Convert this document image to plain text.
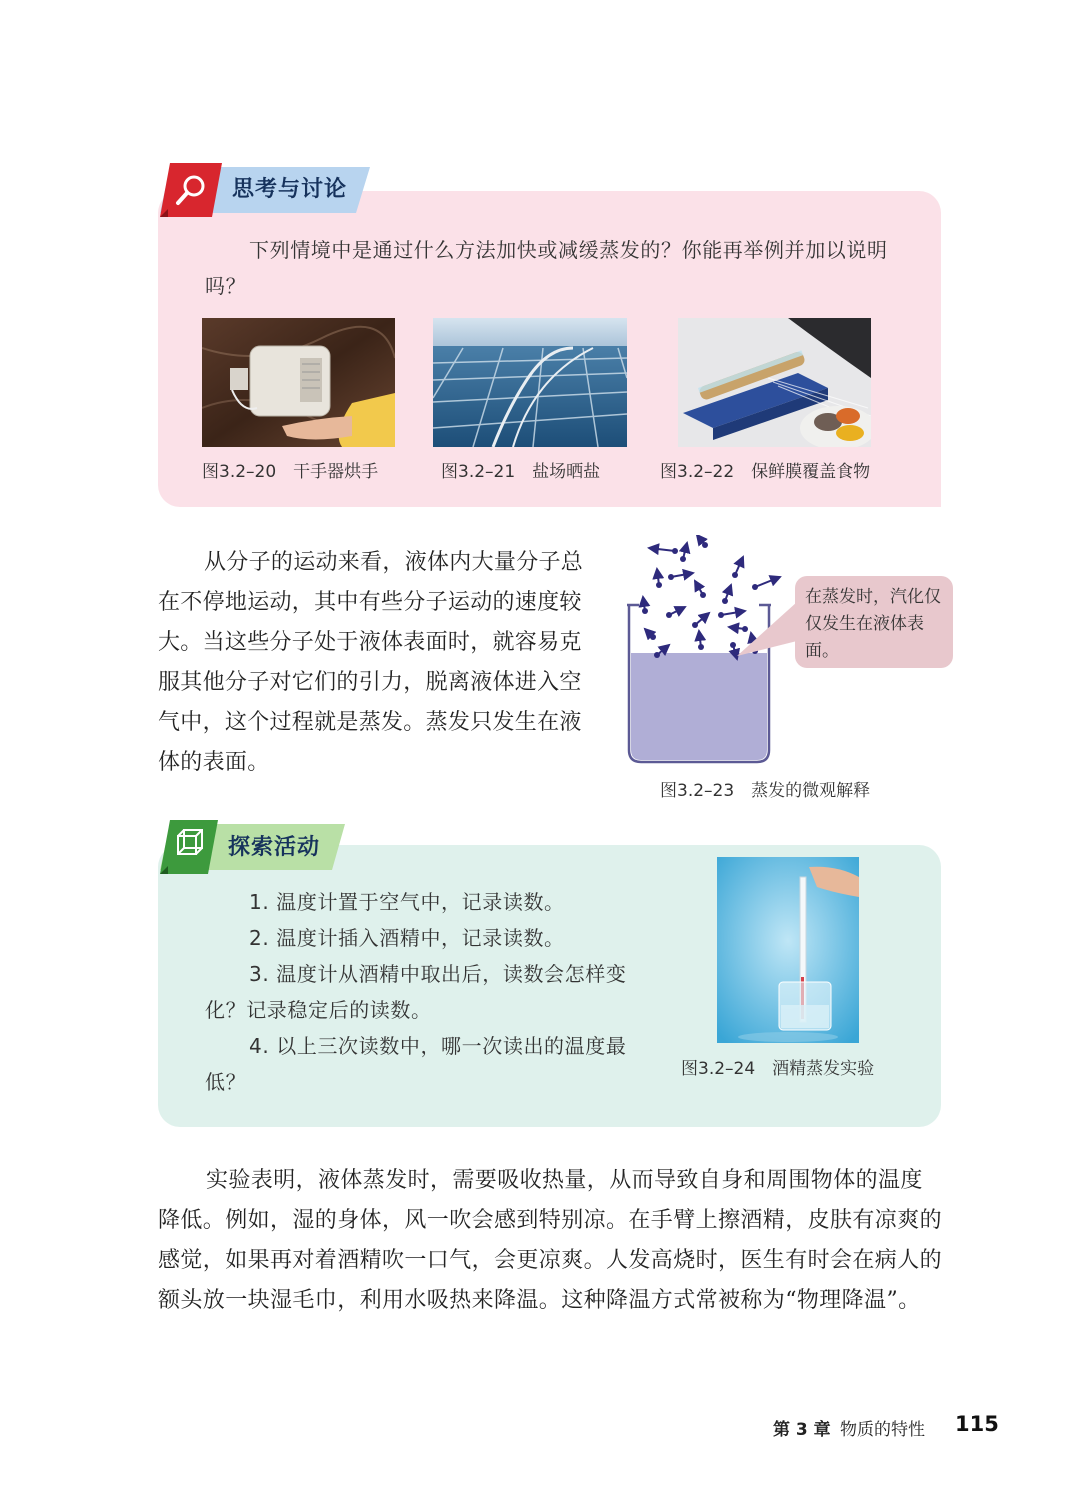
思考与讨论
下列情境中是通过什么方法加快或减缓蒸发的？你能再举例并加以说明吗？
图3.2–20　干手器烘手	图3.2–21　盐场晒盐	图3.2–22　保鲜膜覆盖食物
从分子的运动来看，液体内大量分子总在不停地运动，其中有些分子运动的速度较大。当这些分子处于液体表面时，就容易克服其他分子对它们的引力，脱离液体进入空气中，这个过程就是蒸发。蒸发只发生在液体的表面。
在蒸发时，汽化仅仅发生在液体表面。
图3.2–23　蒸发的微观解释
探索活动
1. 温度计置于空气中，记录读数。
2. 温度计插入酒精中，记录读数。
3. 温度计从酒精中取出后，读数会怎样变化？记录稳定后的读数。
4. 以上三次读数中，哪一次读出的温度最低？
图3.2–24　酒精蒸发实验
实验表明，液体蒸发时，需要吸收热量，从而导致自身和周围物体的温度降低。例如，湿的身体，风一吹会感到特别凉。在手臂上擦酒精，皮肤有凉爽的感觉，如果再对着酒精吹一口气，会更凉爽。人发高烧时，医生有时会在病人的额头放一块湿毛巾，利用水吸热来降温。这种降温方式常被称为“物理降温”。
第 3 章 物质的特性 115
